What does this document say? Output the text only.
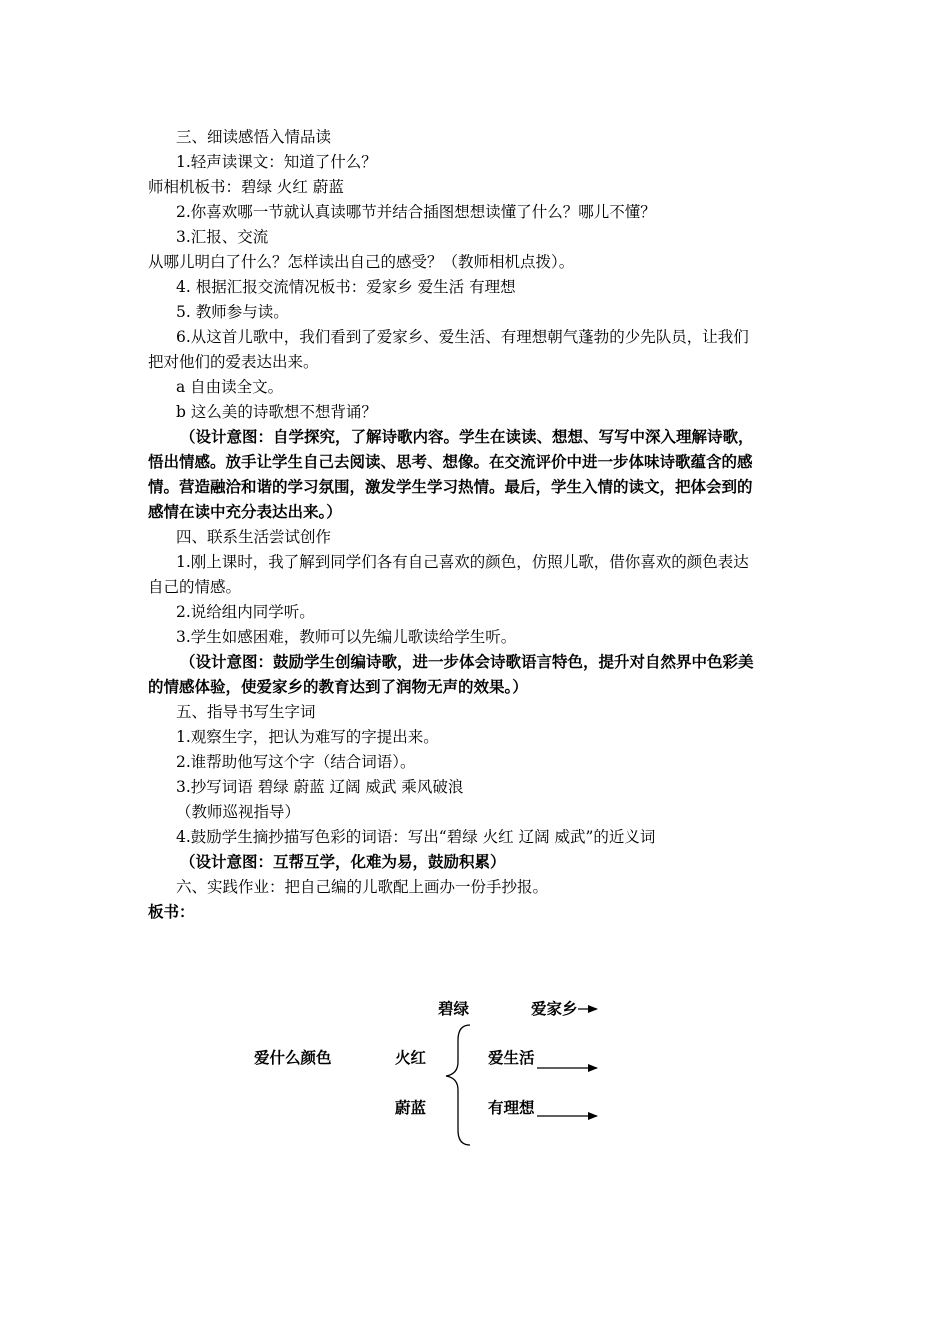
三、细读感悟入情品读
1.轻声读课文：知道了什么？
师相机板书：碧绿 火红 蔚蓝
2.你喜欢哪一节就认真读哪节并结合插图想想读懂了什么？哪儿不懂？
3.汇报、交流
从哪儿明白了什么？怎样读出自己的感受？（教师相机点拨）。
4. 根据汇报交流情况板书：爱家乡 爱生活 有理想
5. 教师参与读。
6.从这首儿歌中，我们看到了爱家乡、爱生活、有理想朝气蓬勃的少先队员，让我们
把对他们的爱表达出来。
a 自由读全文。
b 这么美的诗歌想不想背诵？
（设计意图：自学探究，了解诗歌内容。学生在读读、想想、写写中深入理解诗歌，
悟出情感。放手让学生自己去阅读、思考、想像。在交流评价中进一步体味诗歌蕴含的感
情。营造融洽和谐的学习氛围，激发学生学习热情。最后，学生入情的读文，把体会到的
感情在读中充分表达出来。）
四、联系生活尝试创作
1.刚上课时，我了解到同学们各有自己喜欢的颜色，仿照儿歌，借你喜欢的颜色表达
自己的情感。
2.说给组内同学听。
3.学生如感困难，教师可以先编儿歌读给学生听。
（设计意图：鼓励学生创编诗歌，进一步体会诗歌语言特色，提升对自然界中色彩美
的情感体验，使爱家乡的教育达到了润物无声的效果。）
五、指导书写生字词
1.观察生字，把认为难写的字提出来。
2.谁帮助他写这个字（结合词语）。
3.抄写词语 碧绿 蔚蓝 辽阔 威武 乘风破浪
（教师巡视指导）
4.鼓励学生摘抄描写色彩的词语：写出“碧绿 火红 辽阔 威武”的近义词
（设计意图：互帮互学，化难为易，鼓励积累）
六、实践作业：把自己编的儿歌配上画办一份手抄报。
板书：
爱什么颜色
碧绿
火红
蔚蓝
爱家乡
爱生活
有理想
